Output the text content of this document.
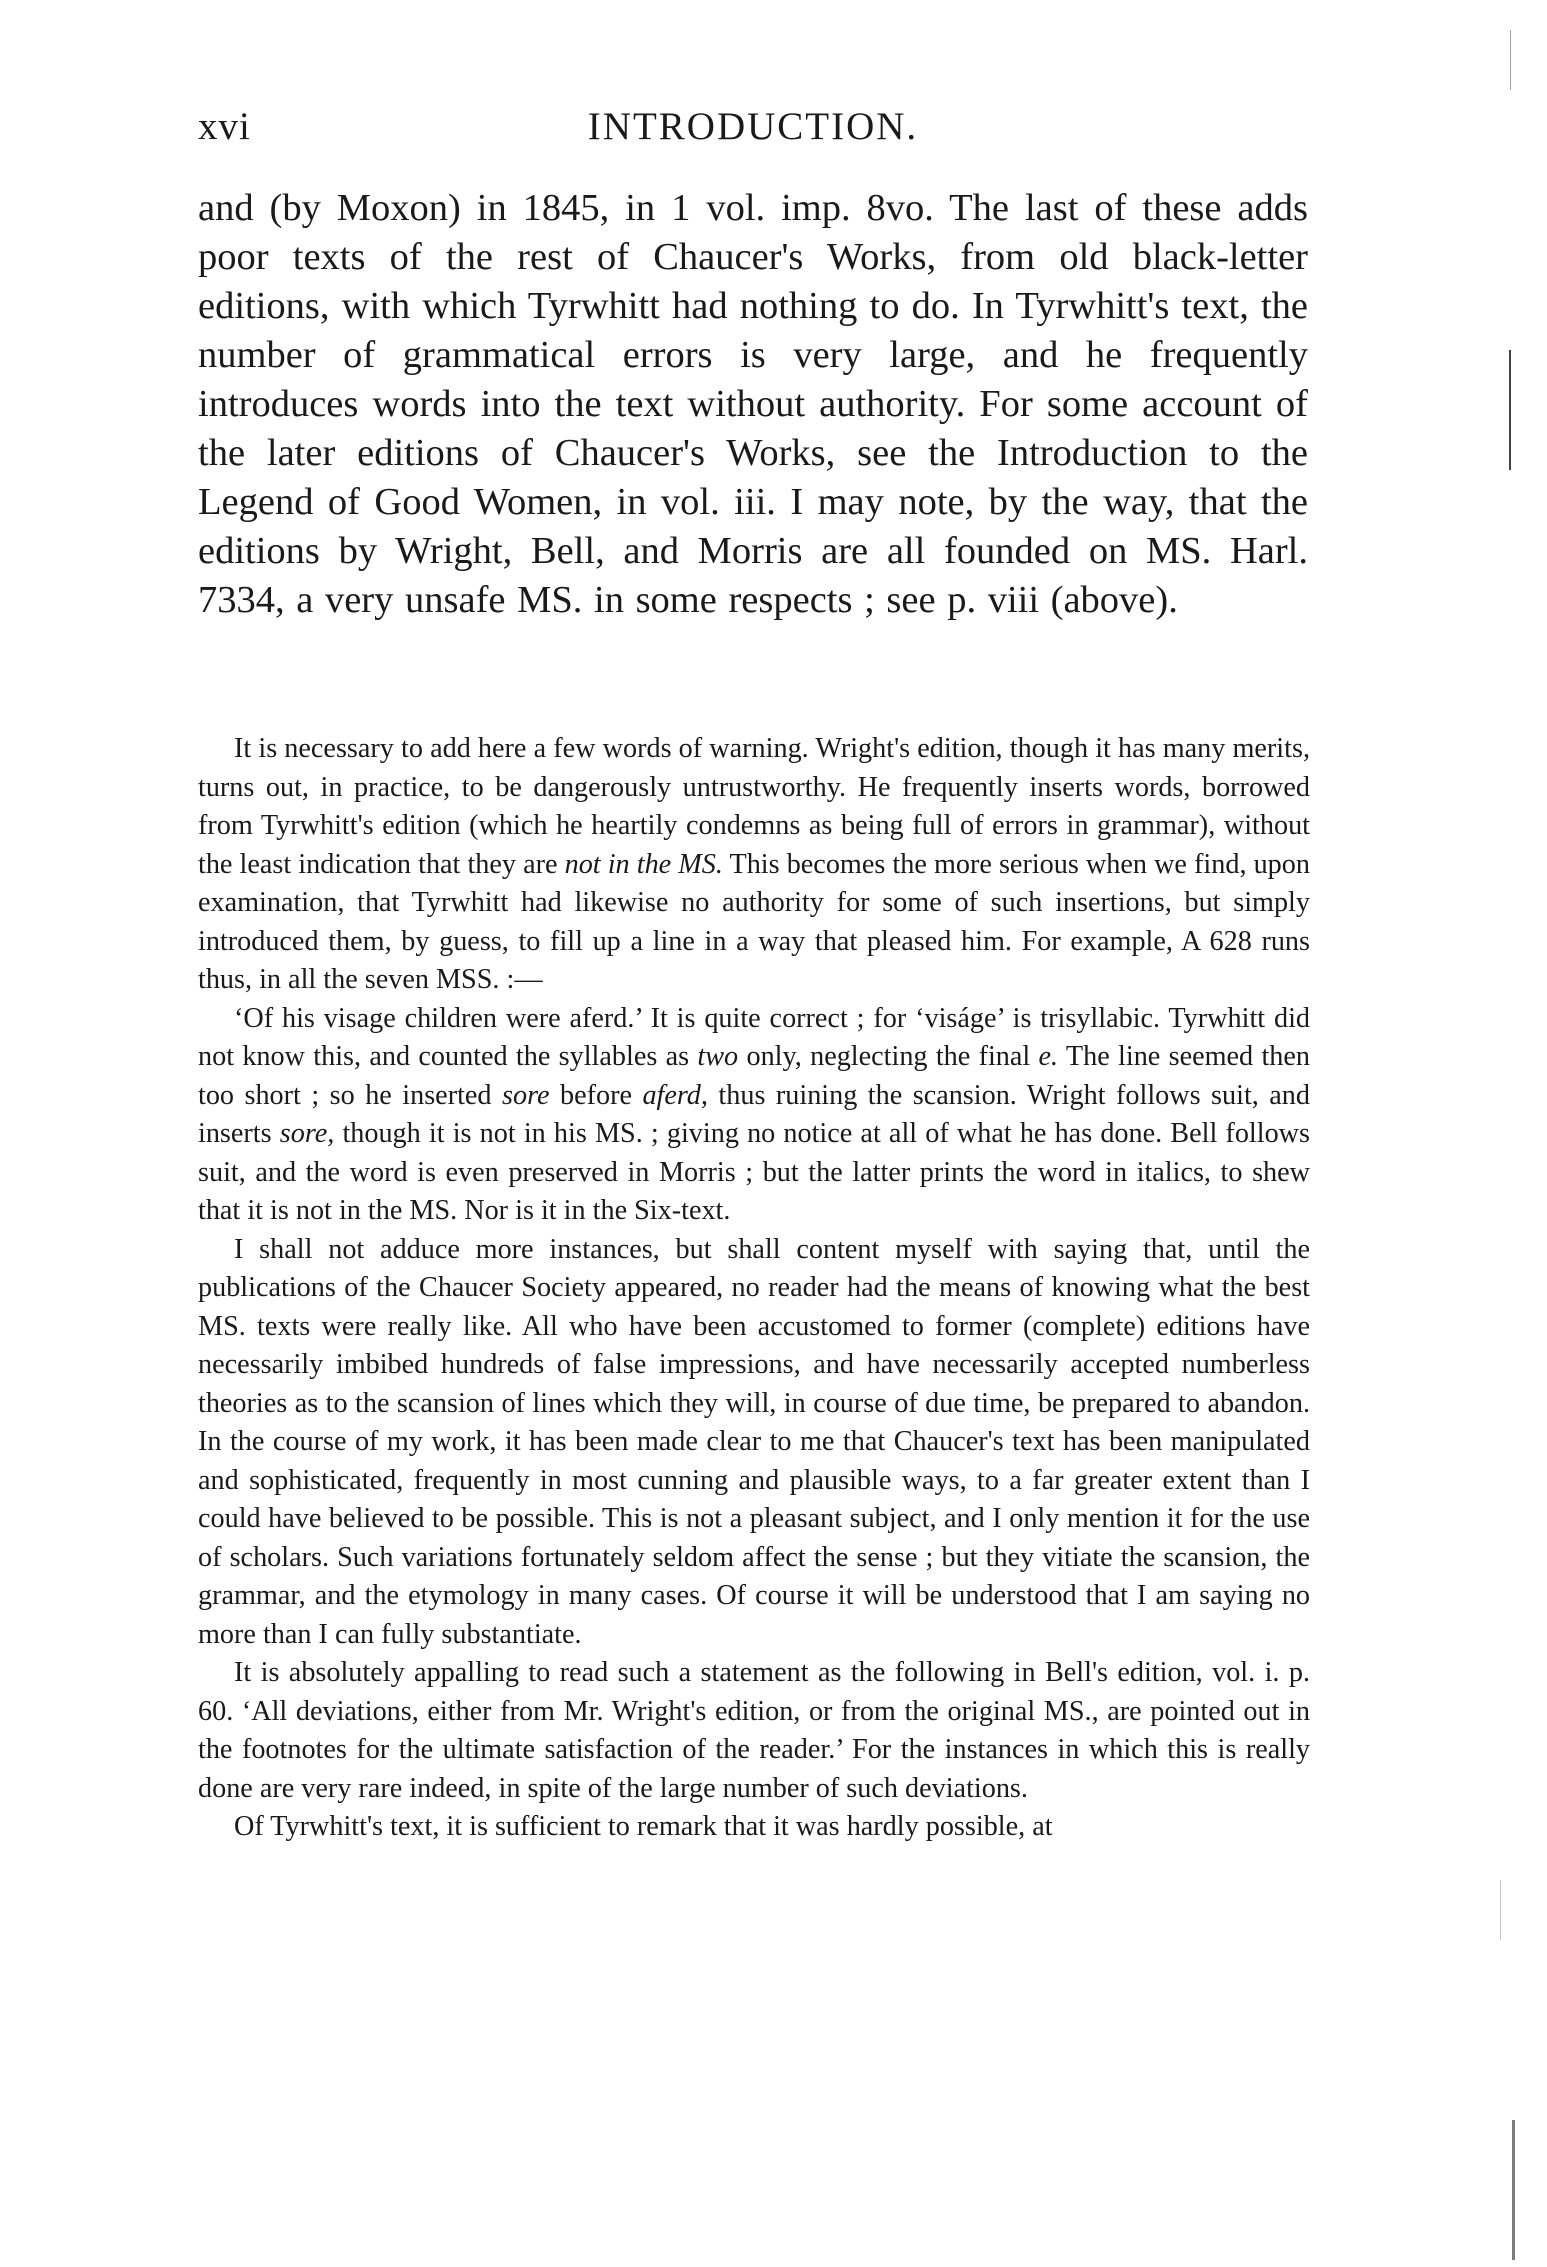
xvi	INTRODUCTION.

and (by Moxon) in 1845, in 1 vol. imp. 8vo. The last of these adds poor texts of the rest of Chaucer's Works, from old black-letter editions, with which Tyrwhitt had nothing to do. In Tyrwhitt's text, the number of grammatical errors is very large, and he frequently introduces words into the text without authority. For some account of the later editions of Chaucer's Works, see the Introduction to the Legend of Good Women, in vol. iii. I may note, by the way, that the editions by Wright, Bell, and Morris are all founded on MS. Harl. 7334, a very unsafe MS. in some respects ; see p. viii (above).

It is necessary to add here a few words of warning. Wright's edition, though it has many merits, turns out, in practice, to be dangerously untrustworthy. He frequently inserts words, borrowed from Tyrwhitt's edition (which he heartily condemns as being full of errors in grammar), without the least indication that they are not in the MS. This becomes the more serious when we find, upon examination, that Tyrwhitt had likewise no authority for some of such insertions, but simply introduced them, by guess, to fill up a line in a way that pleased him. For example, A 628 runs thus, in all the seven MSS. :—

‘Of his visage children were aferd.’ It is quite correct ; for ‘viságe’ is trisyllabic. Tyrwhitt did not know this, and counted the syllables as two only, neglecting the final e. The line seemed then too short ; so he inserted sore before aferd, thus ruining the scansion. Wright follows suit, and inserts sore, though it is not in his MS. ; giving no notice at all of what he has done. Bell follows suit, and the word is even preserved in Morris ; but the latter prints the word in italics, to shew that it is not in the MS. Nor is it in the Six-text.

I shall not adduce more instances, but shall content myself with saying that, until the publications of the Chaucer Society appeared, no reader had the means of knowing what the best MS. texts were really like. All who have been accustomed to former (complete) editions have necessarily imbibed hundreds of false impressions, and have necessarily accepted numberless theories as to the scansion of lines which they will, in course of due time, be prepared to abandon. In the course of my work, it has been made clear to me that Chaucer's text has been manipulated and sophisticated, frequently in most cunning and plausible ways, to a far greater extent than I could have believed to be possible. This is not a pleasant subject, and I only mention it for the use of scholars. Such variations fortunately seldom affect the sense ; but they vitiate the scansion, the grammar, and the etymology in many cases. Of course it will be understood that I am saying no more than I can fully substantiate.

It is absolutely appalling to read such a statement as the following in Bell's edition, vol. i. p. 60. ‘All deviations, either from Mr. Wright's edition, or from the original MS., are pointed out in the footnotes for the ultimate satisfaction of the reader.’ For the instances in which this is really done are very rare indeed, in spite of the large number of such deviations.

Of Tyrwhitt's text, it is sufficient to remark that it was hardly possible, at
